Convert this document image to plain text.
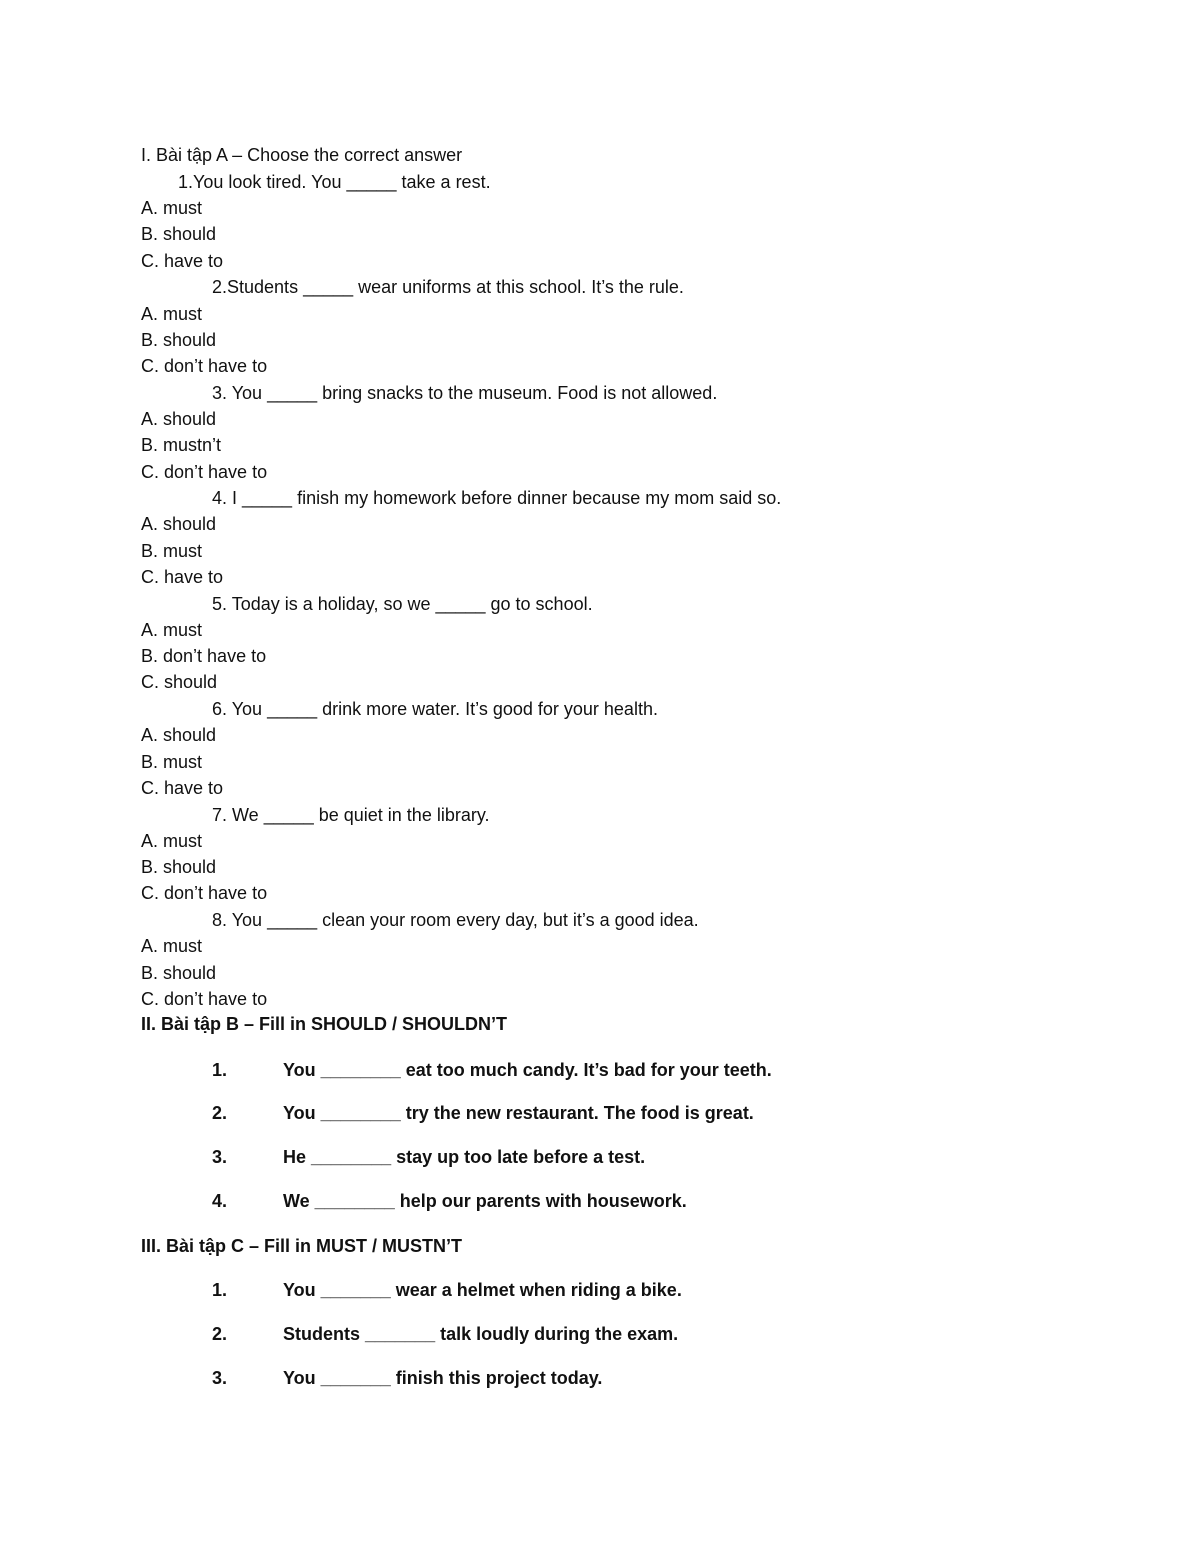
I. Bài tập A – Choose the correct answer
1.You look tired. You _____ take a rest.
A. must
B. should
C. have to
2.Students _____ wear uniforms at this school. It’s the rule.
A. must
B. should
C. don’t have to
3. You _____ bring snacks to the museum. Food is not allowed.
A. should
B. mustn’t
C. don’t have to
4. I _____ finish my homework before dinner because my mom said so.
A. should
B. must
C. have to
5. Today is a holiday, so we _____ go to school.
A. must
B. don’t have to
C. should
6. You _____ drink more water. It’s good for your health.
A. should
B. must
C. have to
7. We _____ be quiet in the library.
A. must
B. should
C. don’t have to
8. You _____ clean your room every day, but it’s a good idea.
A. must
B. should
C. don’t have to
II. Bài tập B – Fill in SHOULD / SHOULDN’T
1.	You ________ eat too much candy. It’s bad for your teeth.
2.	You ________ try the new restaurant. The food is great.
3.	He ________ stay up too late before a test.
4.	We ________ help our parents with housework.
III. Bài tập C – Fill in MUST / MUSTN’T
1.	You _______ wear a helmet when riding a bike.
2.	Students _______ talk loudly during the exam.
3.	You _______ finish this project today.
